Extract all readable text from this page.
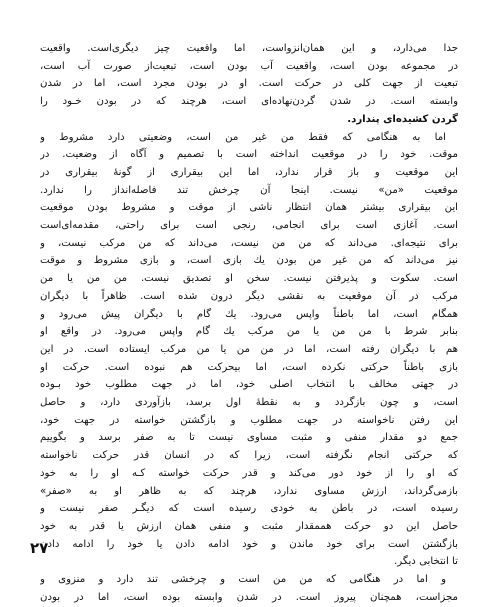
جدا می‌دارد، و این همان‌انزواست، اما واقعیت چیز دیگری‌است. واقعیت
در مجموعه بودن است، واقعیت آب بودن است، تبعیت‌از صورت آب است،
تبعیت از جهت کلی در حرکت است. او در بودن مجرد است، اما در شدن
وابسته است. در شدن گردن‌نهاده‌ای است، هرچند که در بودن خـود را
گردن کشیده‌ای پندارد.

اما به هنگامی که فقط من غیر من است، وضعیتی دارد مشروط و
موقت. خود را در موقعیت انداخته است با تصمیم و آگاه از وضعیت. در
این موقعیت و باز قرار ندارد، اما این بیقراری از گونهٔ بیقراری در
موقعیت «من» نیست. اینجا آن چرخش تند فاصله‌انداز را ندارد.
این بیقراری بیشتر همان انتظار ناشی از موقت و مشروط بودن موقعیت
است. آغازی است برای انجامی، رنجی است برای راحتی، مقدمه‌ای‌است
برای نتیجه‌ای. می‌داند که من من نیست، می‌داند که من مرکب نیست، و
نیز می‌داند که من غیر من بودن یك بازی است، و بازی مشروط و موقت
است. سکوت و پذیرفتن نیست. سخن او تصدیق نیست. من من یا من
مرکب در آن موقعیت به نقشی دیگر درون شده است. ظاهراً با دیگران
همگام است، اما باطناً واپس می‌رود. یك گام با دیگران پیش می‌رود و
بنابر شرط با من من یا من مرکب یك گام واپس می‌رود. در واقع او
هم با دیگران رفته است، اما در من من یا من مرکب ایستاده است. در این
بازی باطناً حرکتی نکرده است، اما بیحرکت هم نبوده است. حرکت او
در جهتی مخالف با انتخاب اصلی خود، اما در جهت مطلوب خود بـوده
است، و چون بازگردد و به نقطهٔ اول برسد، بازآوردی دارد، و حاصل
این رفتن ناخواسته در جهت مطلوب و بازگشتن خواسته در جهت خود،
جمع دو مقدار منفی و مثبت مساوی نیست تا به صفر برسد و بگوییم
که حرکتی انجام نگرفته است، زیرا که در انسان قدر حرکت ناخواسته
که او را از خود دور می‌کند و قدر حرکت خواسته کـه او را به خود
بازمی‌گرداند، ارزش مساوی ندارد، هرچند که به ظاهر او به «صفر»
رسیده است، در باطن به خودی رسیده است که دیگـر صفر نیست و
حاصل این دو حرکت هممقدار مثبت و منفی همان ارزش یا قدر به خود
بازگشتن است برای خود ماندن و خود ادامه دادن یا خود را ادامه دادن
تا انتخابی دیگر.

و اما در هنگامی که من من است و چرخشی تند دارد و منزوی و
مجزاست، همچنان پیروز است. در شدن وابسته بوده است، اما در بودن

۲۷
